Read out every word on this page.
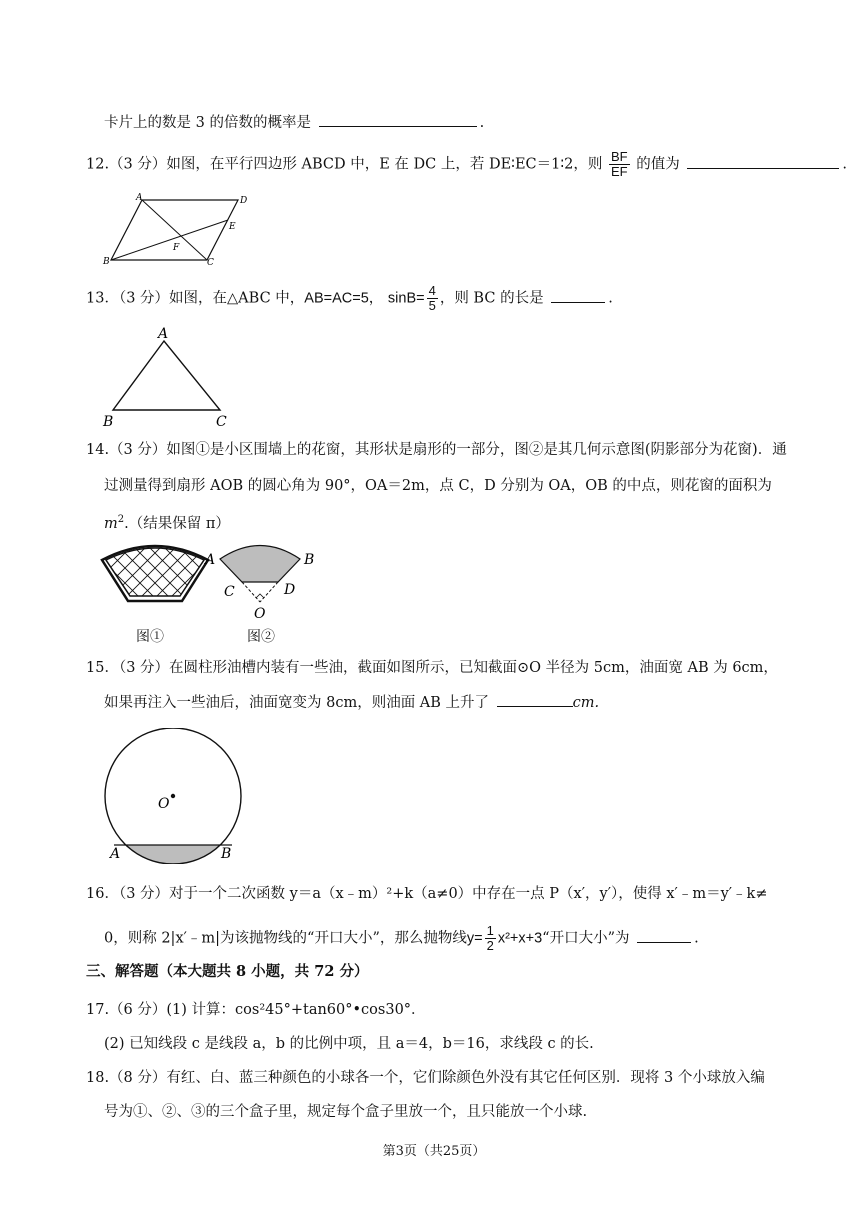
卡片上的数是 3 的倍数的概率是	.
12.（3 分）如图，在平行四边形 ABCD 中，E 在 DC 上，若 DE∶EC＝1∶2，则 $\frac{BF}{EF}$ 的值为	.
A	D
E
F
B	C
13．（3 分）如图，在△ABC 中，AB=AC=5， $\sin B= \frac{4}{5}$ ，则 BC 的长是	.
A
B	C
14.（3 分）如图①是小区围墙上的花窗，其形状是扇形的一部分，图②是其几何示意图(阴影部分为花窗)．通
过测量得到扇形 AOB 的圆心角为 90°，OA＝2m，点 C，D 分别为 OA，OB 的中点，则花窗的面积为
$m^2$.（结果保留 π）
图①
A	B
C	D
O
图②
15．（3 分）在圆柱形油槽内装有一些油，截面如图所示，已知截面⊙O 半径为 5cm，油面宽 AB 为 6cm，
如果再注入一些油后，油面宽变为 8cm，则油面 AB 上升了	cm.
O
A	B
16．（3 分）对于一个二次函数 y＝a（x﹣m）²+k（a≠0）中存在一点 P（x′，y′），使得 x′﹣m＝y′﹣k≠
0，则称 2|x′﹣m|为该抛物线的“开口大小”，那么抛物线$y= \frac{1}{2}$ x²+x+3“开口大小”为	.
三、解答题（本大题共 8 小题，共 72 分）
17.（6 分）(1) 计算：cos²45°+tan60°•cos30°．
(2) 已知线段 c 是线段 a，b 的比例中项，且 a＝4，b＝16，求线段 c 的长.
18.（8 分）有红、白、蓝三种颜色的小球各一个，它们除颜色外没有其它任何区别．现将 3 个小球放入编
号为①、②、③的三个盒子里，规定每个盒子里放一个，且只能放一个小球.
第3页（共25页）
